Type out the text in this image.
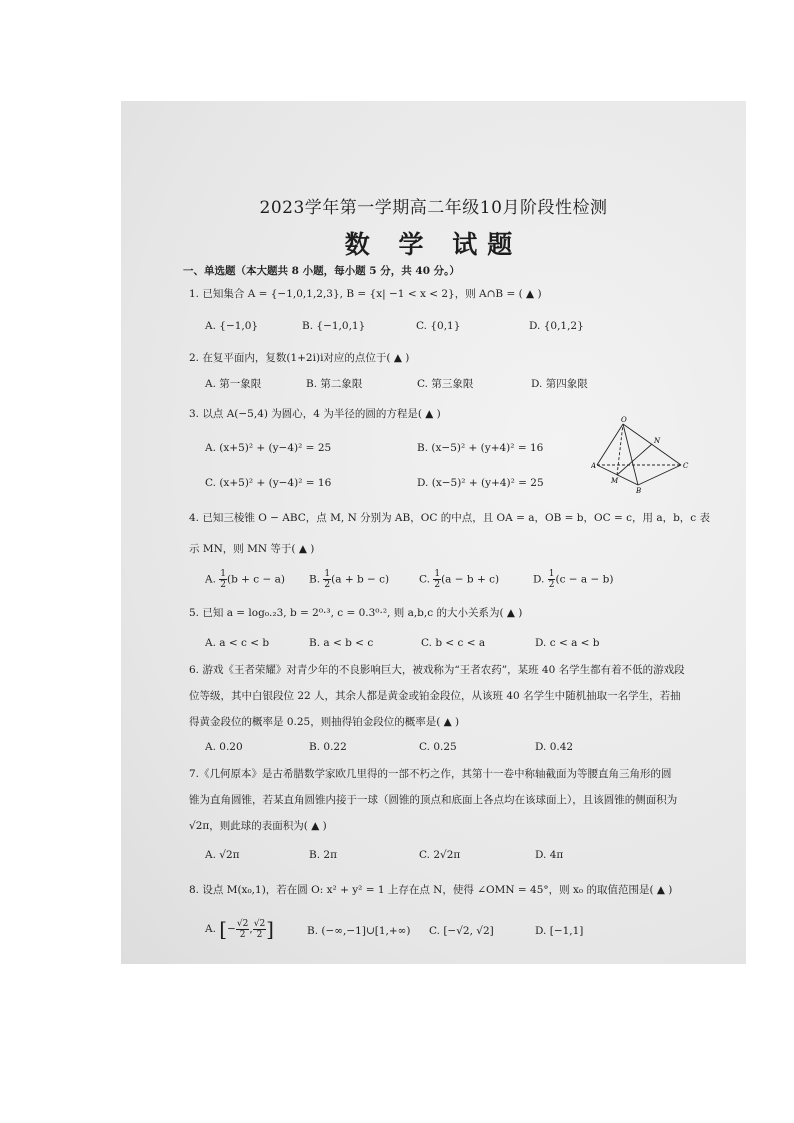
2023学年第一学期高二年级10月阶段性检测
数 学 试题
一、单选题（本大题共 8 小题，每小题 5 分，共 40 分。）
1. 已知集合 A = {−1,0,1,2,3}, B = {x| −1 < x < 2}，则 A∩B = ( ▲ )
A. {−1,0}	B. {−1,0,1}	C. {0,1}	D. {0,1,2}
2. 在复平面内，复数(1+2i)i对应的点位于( ▲ )
A. 第一象限	B. 第二象限	C. 第三象限	D. 第四象限
3. 以点 A(−5,4) 为圆心，4 为半径的圆的方程是( ▲ )
A. (x+5)² + (y−4)² = 25	B. (x−5)² + (y+4)² = 16
C. (x+5)² + (y−4)² = 16	D. (x−5)² + (y+4)² = 25
O
N
A	C
M
B
4. 已知三棱锥 O − ABC，点 M, N 分别为 AB，OC 的中点，且 OA = a，OB = b，OC = c，用 a，b，c 表
示 MN，则 MN 等于( ▲ )
A. $\frac{1}{2} (b + c - a)$ B. $\frac{1}{2} (a + b - c)$	C. $\frac{1}{2} (a - b + c)$	D. $\frac{1}{2} (c - a - b)$
5. 已知 a = log₀.₂3, b = 2⁰·³, c = 0.3⁰·², 则 a,b,c 的大小关系为( ▲ )
A. a < c < b	B. a < b < c	C. b < c < a	D. c < a < b
6. 游戏《王者荣耀》对青少年的不良影响巨大，被戏称为“王者农药”，某班 40 名学生都有着不低的游戏段
位等级，其中白银段位 22 人，其余人都是黄金或铂金段位，从该班 40 名学生中随机抽取一名学生，若抽
得黄金段位的概率是 0.25，则抽得铂金段位的概率是( ▲ )
A. 0.20	B. 0.22	C. 0.25	D. 0.42
7.《几何原本》是古希腊数学家欧几里得的一部不朽之作，其第十一卷中称轴截面为等腰直角三角形的圆
锥为直角圆锥，若某直角圆锥内接于一球（圆锥的顶点和底面上各点均在该球面上），且该圆锥的侧面积为
√2π，则此球的表面积为( ▲ )
A. √2π	B. 2π	C. 2√2π	D. 4π
8. 设点 M(x₀,1)，若在圆 O: x² + y² = 1 上存在点 N，使得 ∠OMN = 45°，则 x₀ 的取值范围是( ▲ )
A. [− $\frac{√2}{2}$ , $\frac{√2}{2}$ ]	B. (−∞,−1]∪[1,+∞) C. [−√2, √2]	D. [−1,1]
